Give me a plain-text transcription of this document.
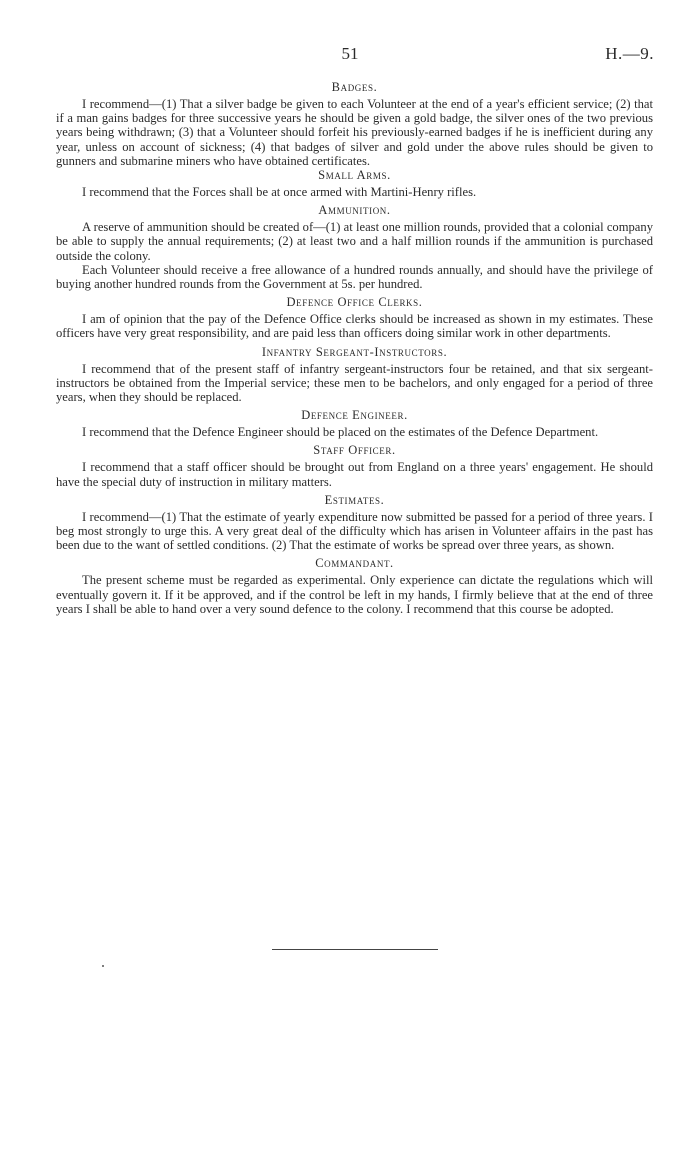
51	H.—9.
Badges.

I recommend—(1) That a silver badge be given to each Volunteer at the end of a year's efficient service; (2) that if a man gains badges for three successive years he should be given a gold badge, the silver ones of the two previous years being withdrawn; (3) that a Volunteer should forfeit his previously-earned badges if he is inefficient during any year, unless on account of sickness; (4) that badges of silver and gold under the above rules should be given to gunners and submarine miners who have obtained certificates.

Small Arms.

I recommend that the Forces shall be at once armed with Martini-Henry rifles.

Ammunition.

A reserve of ammunition should be created of—(1) at least one million rounds, provided that a colonial company be able to supply the annual requirements; (2) at least two and a half million rounds if the ammunition is purchased outside the colony.

Each Volunteer should receive a free allowance of a hundred rounds annually, and should have the privilege of buying another hundred rounds from the Government at 5s. per hundred.

Defence Office Clerks.

I am of opinion that the pay of the Defence Office clerks should be increased as shown in my estimates. These officers have very great responsibility, and are paid less than officers doing similar work in other departments.

Infantry Sergeant-Instructors.

I recommend that of the present staff of infantry sergeant-instructors four be retained, and that six sergeant-instructors be obtained from the Imperial service; these men to be bachelors, and only engaged for a period of three years, when they should be replaced.

Defence Engineer.

I recommend that the Defence Engineer should be placed on the estimates of the Defence Department.

Staff Officer.

I recommend that a staff officer should be brought out from England on a three years' engagement. He should have the special duty of instruction in military matters.

Estimates.

I recommend—(1) That the estimate of yearly expenditure now submitted be passed for a period of three years. I beg most strongly to urge this. A very great deal of the difficulty which has arisen in Volunteer affairs in the past has been due to the want of settled conditions. (2) That the estimate of works be spread over three years, as shown.

Commandant.

The present scheme must be regarded as experimental. Only experience can dictate the regulations which will eventually govern it. If it be approved, and if the control be left in my hands, I firmly believe that at the end of three years I shall be able to hand over a very sound defence to the colony. I recommend that this course be adopted.
